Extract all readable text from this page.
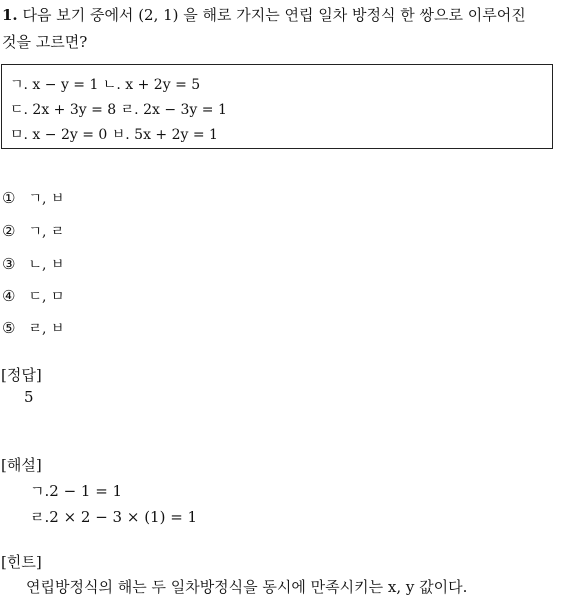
1. 다음 보기 중에서 (2, 1) 을 해로 가지는 연립 일차 방정식 한 쌍으로 이루어진
것을 고르면?
ㄱ. x − y = 1 ㄴ. x + 2y = 5
ㄷ. 2x + 3y = 8 ㄹ. 2x − 3y = 1
ㅁ. x − 2y = 0 ㅂ. 5x + 2y = 1
① ㄱ, ㅂ
② ㄱ, ㄹ
③ ㄴ, ㅂ
④ ㄷ, ㅁ
⑤ ㄹ, ㅂ
[정답]
5
[해설]
ㄱ.2 − 1 = 1
ㄹ.2 × 2 − 3 × (1) = 1
[힌트]
연립방정식의 해는 두 일차방정식을 동시에 만족시키는 x, y 값이다.
